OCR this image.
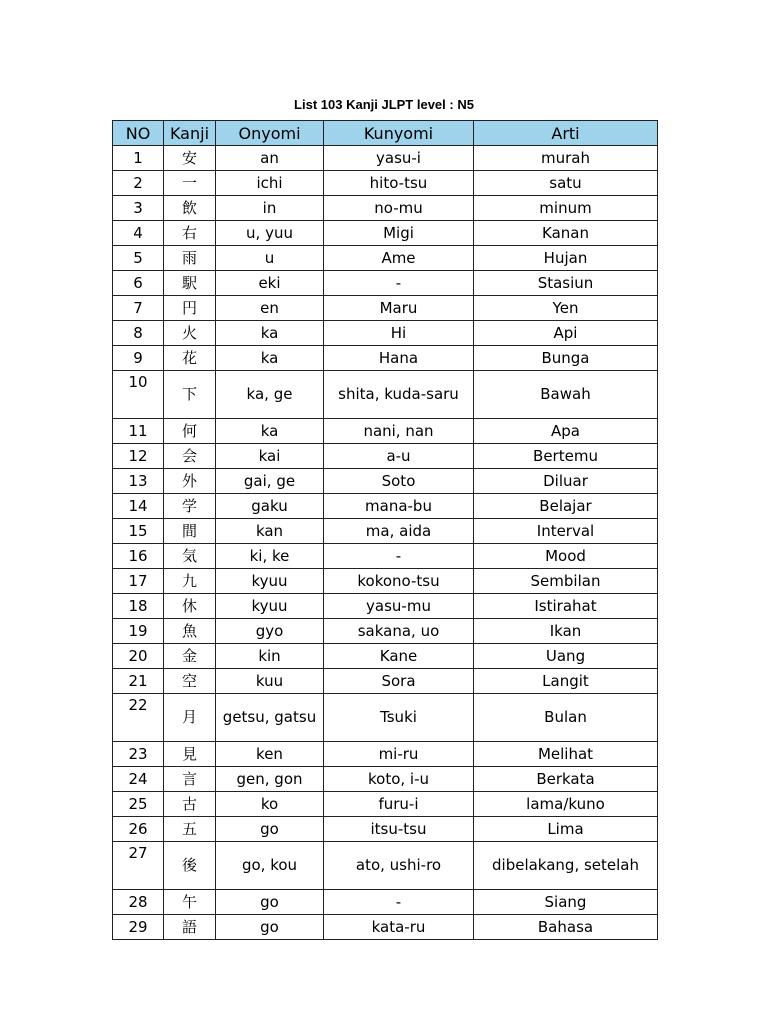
List 103 Kanji JLPT level : N5
NO	Kanji	Onyomi	Kunyomi	Arti
1	安	an	yasu-i	murah
2	一	ichi	hito-tsu	satu
3	飲	in	no-mu	minum
4	右	u, yuu	Migi	Kanan
5	雨	u	Ame	Hujan
6	駅	eki	-	Stasiun
7	円	en	Maru	Yen
8	火	ka	Hi	Api
9	花	ka	Hana	Bunga
10	下	ka, ge	shita, kuda-saru	Bawah
11	何	ka	nani, nan	Apa
12	会	kai	a-u	Bertemu
13	外	gai, ge	Soto	Diluar
14	学	gaku	mana-bu	Belajar
15	間	kan	ma, aida	Interval
16	気	ki, ke	-	Mood
17	九	kyuu	kokono-tsu	Sembilan
18	休	kyuu	yasu-mu	Istirahat
19	魚	gyo	sakana, uo	Ikan
20	金	kin	Kane	Uang
21	空	kuu	Sora	Langit
22	月	getsu, gatsu	Tsuki	Bulan
23	見	ken	mi-ru	Melihat
24	言	gen, gon	koto, i-u	Berkata
25	古	ko	furu-i	lama/kuno
26	五	go	itsu-tsu	Lima
27	後	go, kou	ato, ushi-ro	dibelakang, setelah
28	午	go	-	Siang
29	語	go	kata-ru	Bahasa
